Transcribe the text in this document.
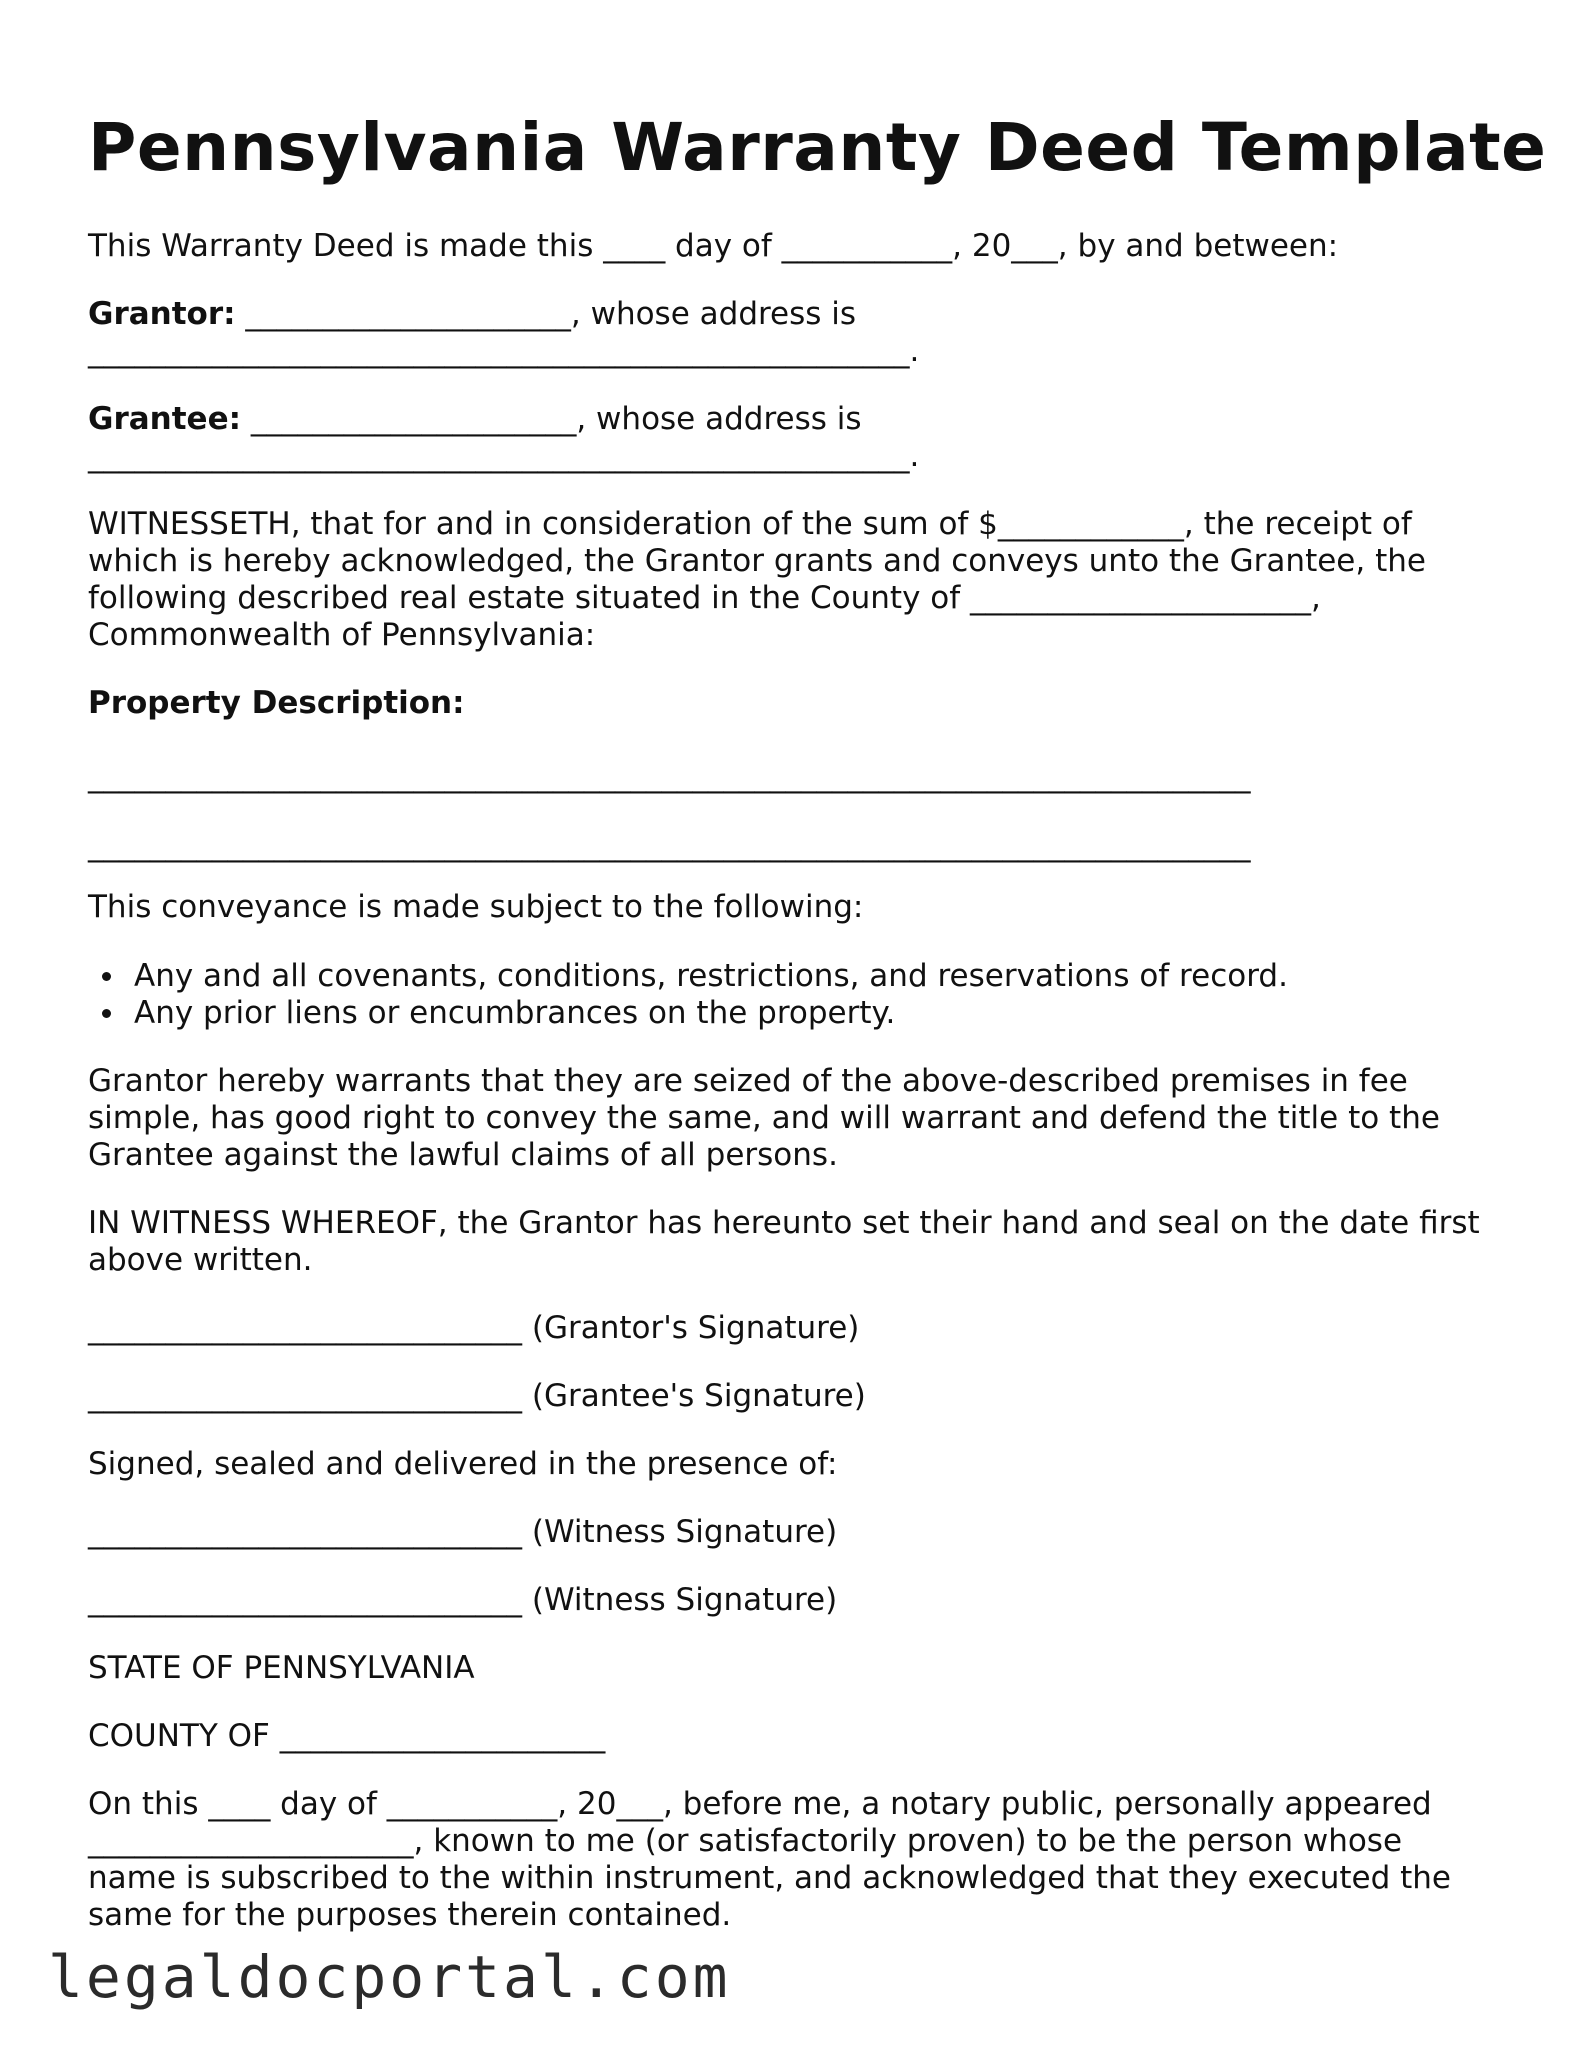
Pennsylvania Warranty Deed Template

This Warranty Deed is made this ____ day of ___________, 20___, by and between:

Grantor: _____________________, whose address is

_____________________________________________________.

Grantee: _____________________, whose address is

_____________________________________________________.

WITNESSETH, that for and in consideration of the sum of $____________, the receipt of

which is hereby acknowledged, the Grantor grants and conveys unto the Grantee, the

following described real estate situated in the County of ______________________,

Commonwealth of Pennsylvania:

Property Description:

___________________________________________________________________________

___________________________________________________________________________

This conveyance is made subject to the following:

Any and all covenants, conditions, restrictions, and reservations of record.
Any prior liens or encumbrances on the property.

Grantor hereby warrants that they are seized of the above-described premises in fee

simple, has good right to convey the same, and will warrant and defend the title to the

Grantee against the lawful claims of all persons.

IN WITNESS WHEREOF, the Grantor has hereunto set their hand and seal on the date first

above written.

____________________________ (Grantor's Signature)

____________________________ (Grantee's Signature)

Signed, sealed and delivered in the presence of:

____________________________ (Witness Signature)

____________________________ (Witness Signature)

STATE OF PENNSYLVANIA

COUNTY OF _____________________

On this ____ day of ___________, 20___, before me, a notary public, personally appeared

_____________________, known to me (or satisfactorily proven) to be the person whose

name is subscribed to the within instrument, and acknowledged that they executed the

same for the purposes therein contained.

legaldocportal.com
